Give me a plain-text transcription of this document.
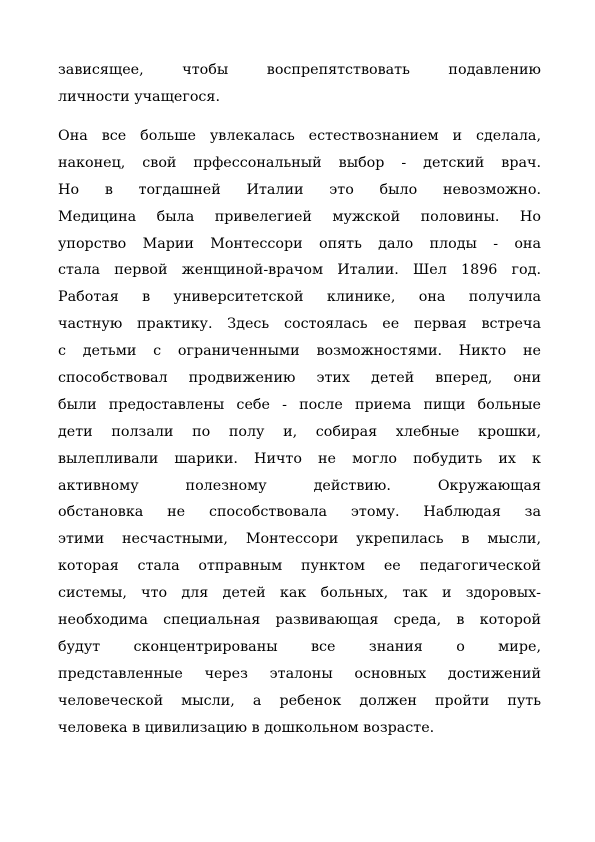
зависящее, чтобы воспрепятствовать подавлению
личности учащегося.
Она все больше увлекалась естествознанием и сделала,
наконец, свой прфессональный выбор - детский врач.
Но в тогдашней Италии это было невозможно.
Медицина была привелегией мужской половины. Но
упорство Марии Монтессори опять дало плоды - она
стала первой женщиной-врачом Италии. Шел 1896 год.
Работая в университетской клинике, она получила
частную практику. Здесь состоялась ее первая встреча
с детьми с ограниченными возможностями. Никто не
способствовал продвижению этих детей вперед, они
были предоставлены себе - после приема пищи больные
дети ползали по полу и, собирая хлебные крошки,
вылепливали шарики. Ничто не могло побудить их к
активному полезному действию. Окружающая
обстановка не способствовала этому. Наблюдая за
этими несчастными, Монтессори укрепилась в мысли,
которая стала отправным пунктом ее педагогической
системы, что для детей как больных, так и здоровых-
необходима специальная развивающая среда, в которой
будут сконцентрированы все знания о мире,
представленные через эталоны основных достижений
человеческой мысли, а ребенок должен пройти путь
человека в цивилизацию в дошкольном возрасте.
